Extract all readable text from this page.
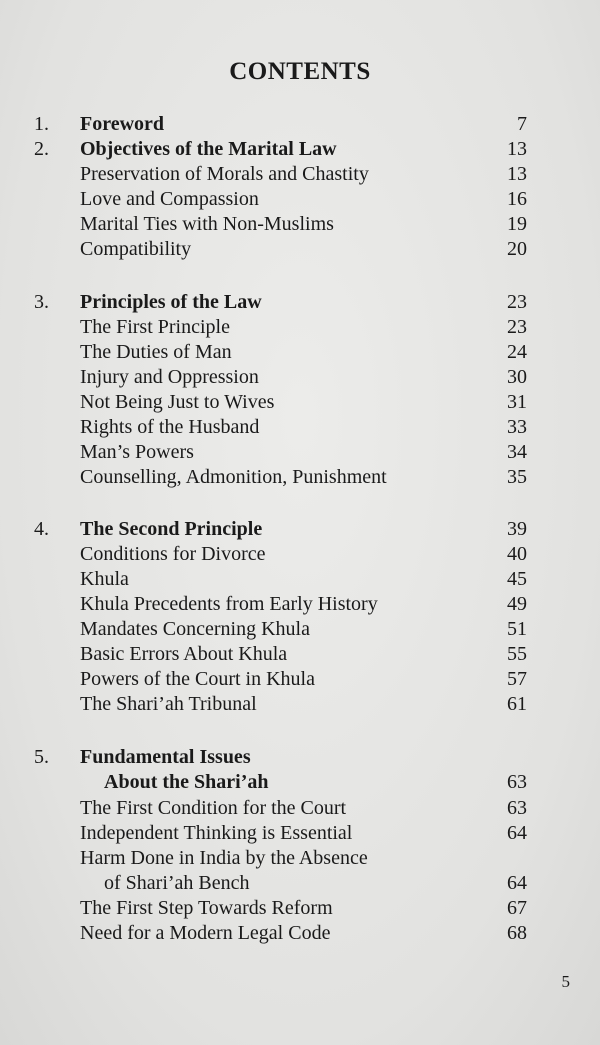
CONTENTS
1. Foreword	7
2. Objectives of the Marital Law	13
Preservation of Morals and Chastity	13
Love and Compassion	16
Marital Ties with Non-Muslims	19
Compatibility	20
3. Principles of the Law	23
The First Principle	23
The Duties of Man	24
Injury and Oppression	30
Not Being Just to Wives	31
Rights of the Husband	33
Man’s Powers	34
Counselling, Admonition, Punishment	35
4. The Second Principle	39
Conditions for Divorce	40
Khula	45
Khula Precedents from Early History	49
Mandates Concerning Khula	51
Basic Errors About Khula	55
Powers of the Court in Khula	57
The Shari’ah Tribunal	61
5. Fundamental Issues
About the Shari’ah	63
The First Condition for the Court	63
Independent Thinking is Essential	64
Harm Done in India by the Absence
of Shari’ah Bench	64
The First Step Towards Reform	67
Need for a Modern Legal Code	68
5
